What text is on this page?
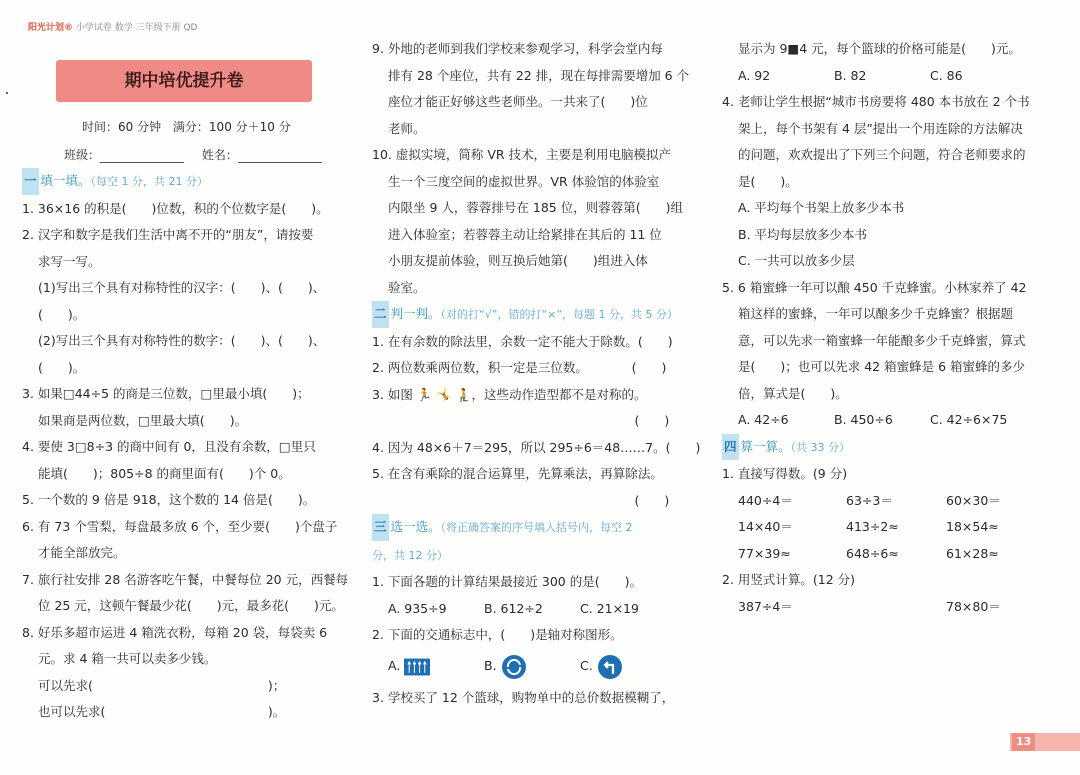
阳光计划® 小学试卷 数学 三年级下册 QD
期中培优提升卷
时间：60 分钟 满分：100 分＋10 分
班级：	姓名：
一 填一填。（每空 1 分，共 21 分）
1. 36×16 的积是(　　)位数，积的个位数字是(　　)。
2. 汉字和数字是我们生活中离不开的“朋友”，请按要
求写一写。
(1)写出三个具有对称特性的汉字：(　　)、(　　)、
(　　)。
(2)写出三个具有对称特性的数字：(　　)、(　　)、
(　　)。
3. 如果□44÷5 的商是三位数，□里最小填(　　)；
如果商是两位数，□里最大填(　　)。
4. 要使 3□8÷3 的商中间有 0，且没有余数，□里只
能填(　　)；805÷8 的商里面有(　　)个 0。
5. 一个数的 9 倍是 918，这个数的 14 倍是(　　)。
6. 有 73 个雪梨，每盘最多放 6 个，至少要(　　)个盘子
才能全部放完。
7. 旅行社安排 28 名游客吃午餐，中餐每位 20 元，西餐每
位 25 元，这顿午餐最少花(　　)元，最多花(　　)元。
8. 好乐多超市运进 4 箱洗衣粉，每箱 20 袋，每袋卖 6
元。求 4 箱一共可以卖多少钱。
可以先求(　　　　　　　　　　　　　　)；
也可以先求(　　　　　　　　　　　　　)。
9. 外地的老师到我们学校来参观学习，科学会堂内每
排有 28 个座位，共有 22 排，现在每排需要增加 6 个
座位才能正好够这些老师坐。一共来了(　　)位
老师。
10. 虚拟实境，简称 VR 技术，主要是利用电脑模拟产
生一个三度空间的虚拟世界。VR 体验馆的体验室
内限坐 9 人，蓉蓉排号在 185 位，则蓉蓉第(　　)组
进入体验室；若蓉蓉主动让给紧排在其后的 11 位
小朋友提前体验，则互换后她第(　　)组进入体
验室。
二 判一判。（对的打“√”，错的打“×”，每题 1 分，共 5 分）
1. 在有余数的除法里，余数一定不能大于除数。(　　)
2. 两位数乘两位数，积一定是三位数。　　　　(　　)
3. 如图 🏃 🤸 🧎，这些动作造型都不是对称的。
　　　　　　　　　　　　　　　　　　　　　(　　)
4. 因为 48×6＋7＝295，所以 295÷6＝48……7。(　　)
5. 在含有乘除的混合运算里，先算乘法，再算除法。
　　　　　　　　　　　　　　　　　　　　　(　　)
三 选一选。（将正确答案的序号填入括号内，每空 2
分，共 12 分）
1. 下面各题的计算结果最接近 300 的是(　　)。
A. 935÷9	B. 612÷2	C. 21×19
2. 下面的交通标志中，(　　)是轴对称图形。
A.	B.	C.
3. 学校买了 12 个篮球，购物单中的总价数据模糊了，
显示为 9■4 元，每个篮球的价格可能是(　　)元。
A. 92	B. 82	C. 86
4. 老师让学生根据“城市书房要将 480 本书放在 2 个书
架上，每个书架有 4 层”提出一个用连除的方法解决
的问题，欢欢提出了下列三个问题，符合老师要求的
是(　　)。
A. 平均每个书架上放多少本书
B. 平均每层放多少本书
C. 一共可以放多少层
5. 6 箱蜜蜂一年可以酿 450 千克蜂蜜。小林家养了 42
箱这样的蜜蜂，一年可以酿多少千克蜂蜜？根据题
意，可以先求一箱蜜蜂一年能酿多少千克蜂蜜，算式
是(　　)；也可以先求 42 箱蜜蜂是 6 箱蜜蜂的多少
倍，算式是(　　)。
A. 42÷6	B. 450÷6	C. 42÷6×75
四 算一算。（共 33 分）
1. 直接写得数。(9 分)
440÷4＝	63÷3＝	60×30＝
14×40＝	413÷2≈	18×54≈
77×39≈	648÷6≈	61×28≈
2. 用竖式计算。(12 分)
387÷4＝	78×80＝
13
